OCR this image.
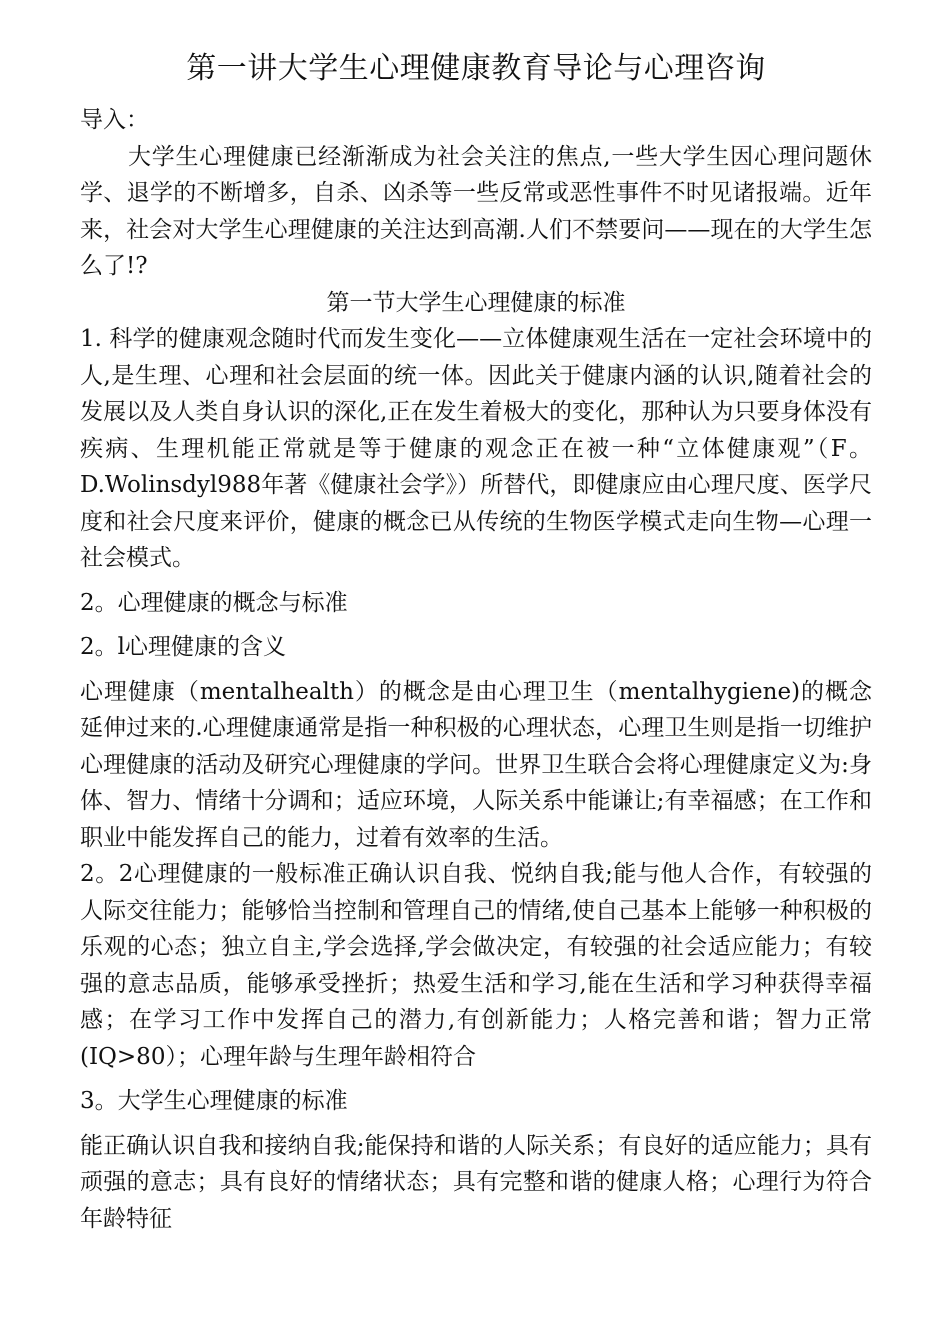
第一讲大学生心理健康教育导论与心理咨询

导入：

大学生心理健康已经渐渐成为社会关注的焦点,一些大学生因心理问题休学、退学的不断增多，自杀、凶杀等一些反常或恶性事件不时见诸报端。近年来，社会对大学生心理健康的关注达到高潮.人们不禁要问——现在的大学生怎么了!?

第一节大学生心理健康的标准

1. 科学的健康观念随时代而发生变化——立体健康观生活在一定社会环境中的人,是生理、心理和社会层面的统一体。因此关于健康内涵的认识,随着社会的发展以及人类自身认识的深化,正在发生着极大的变化，那种认为只要身体没有疾病、生理机能正常就是等于健康的观念正在被一种“立体健康观”（F。D.Wolinsdyl988年著《健康社会学》）所替代，即健康应由心理尺度、医学尺度和社会尺度来评价，健康的概念已从传统的生物医学模式走向生物—心理一社会模式。

2。心理健康的概念与标准

2。l心理健康的含义

心理健康（mentalhealth）的概念是由心理卫生（mentalhygiene)的概念延伸过来的.心理健康通常是指一种积极的心理状态，心理卫生则是指一切维护心理健康的活动及研究心理健康的学问。世界卫生联合会将心理健康定义为:身体、智力、情绪十分调和；适应环境，人际关系中能谦让;有幸福感；在工作和职业中能发挥自己的能力，过着有效率的生活。

2。2心理健康的一般标准正确认识自我、悦纳自我;能与他人合作，有较强的人际交往能力；能够恰当控制和管理自己的情绪,使自己基本上能够一种积极的乐观的心态；独立自主,学会选择,学会做决定，有较强的社会适应能力；有较强的意志品质，能够承受挫折；热爱生活和学习,能在生活和学习种获得幸福感；在学习工作中发挥自己的潜力,有创新能力；人格完善和谐；智力正常(IQ>80）；心理年龄与生理年龄相符合

3。大学生心理健康的标准

能正确认识自我和接纳自我;能保持和谐的人际关系；有良好的适应能力；具有顽强的意志；具有良好的情绪状态；具有完整和谐的健康人格；心理行为符合年龄特征
